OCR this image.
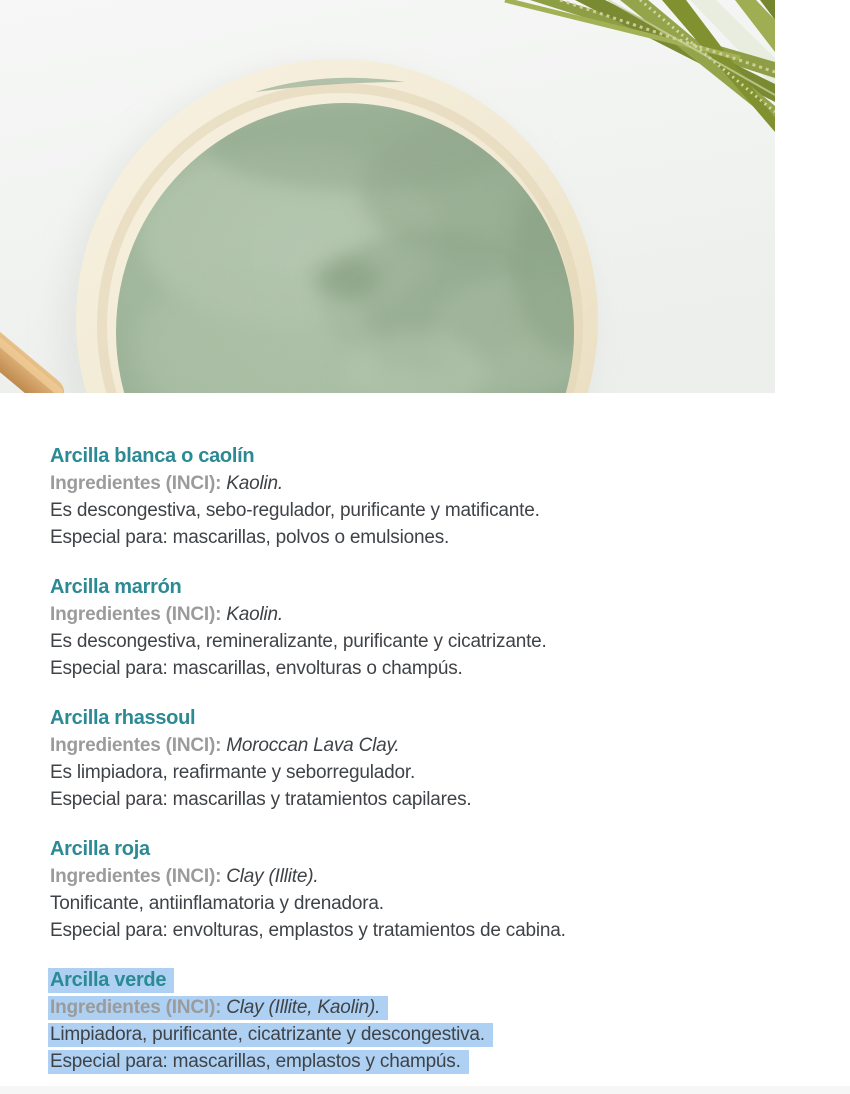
Arcilla blanca o caolín

Ingredientes (INCI): Kaolin.

Es descongestiva, sebo-regulador, purificante y matificante.

Especial para: mascarillas, polvos o emulsiones.

Arcilla marrón

Ingredientes (INCI): Kaolin.

Es descongestiva, remineralizante, purificante y cicatrizante.

Especial para: mascarillas, envolturas o champús.

Arcilla rhassoul

Ingredientes (INCI): Moroccan Lava Clay.

Es limpiadora, reafirmante y seborregulador.

Especial para: mascarillas y tratamientos capilares.

Arcilla roja

Ingredientes (INCI): Clay (Illite).

Tonificante, antiinflamatoria y drenadora.

Especial para: envolturas, emplastos y tratamientos de cabina.

Arcilla verde

Ingredientes (INCI): Clay (Illite, Kaolin).

Limpiadora, purificante, cicatrizante y descongestiva.

Especial para: mascarillas, emplastos y champús.
